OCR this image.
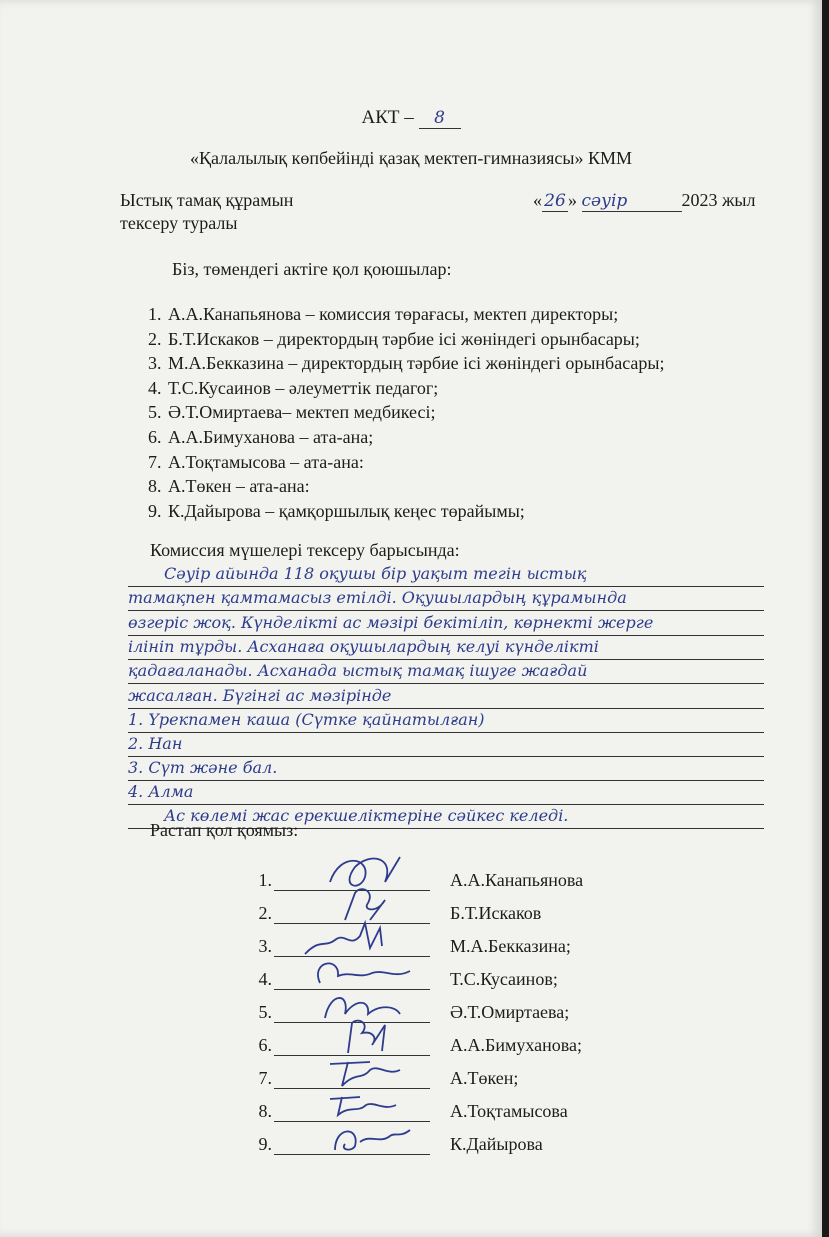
АКТ – 8
«Қалалылық көпбейінді қазақ мектеп-гимназиясы» КММ
Ыстық тамақ құрамын
тексеру туралы
« 26 » сәуір	2023 жыл
Біз, төмендегі актіге қол қоюшылар:
1. А.А.Канапьянова – комиссия төрағасы, мектеп директоры;
2. Б.Т.Искаков – директордың тәрбие ісі жөніндегі орынбасары;
3. М.А.Бекказина – директордың тәрбие ісі жөніндегі орынбасары;
4. Т.С.Кусаинов – әлеуметтік педагог;
5. Ә.Т.Омиртаева– мектеп медбикесі;
6. А.А.Бимуханова – ата-ана;
7. А.Тоқтамысова – ата-ана:
8. А.Төкен – ата-ана:
9. К.Дайырова – қамқоршылық кеңес төрайымы;
Комиссия мүшелері тексеру барысында:
Сәуір айында 118 оқушы бір уақыт тегін ыстық
тамақпен қамтамасыз етілді. Оқушылардың құрамында
өзгеріс жоқ. Күнделікті ас мәзірі бекітіліп, көрнекті жерге
ілініп тұрды. Асханаға оқушылардың келуі күнделікті
қадағаланады. Асханада ыстық тамақ ішуге жағдай
жасалған. Бүгінгі ас мәзірінде
1. Үрекпамен каша (Сүтке қайнатылған)
2. Нан
3. Сүт және бал.
4. Алма
Ас көлемі жас ерекшеліктеріне сәйкес келеді.
Растап қол қоямыз:
1.	А.А.Канапьянова
2.	Б.Т.Искаков
3.	М.А.Бекказина;
4.	Т.С.Кусаинов;
5.	Ә.Т.Омиртаева;
6.	А.А.Бимуханова;
7.	А.Төкен;
8.	А.Тоқтамысова
9.	К.Дайырова
